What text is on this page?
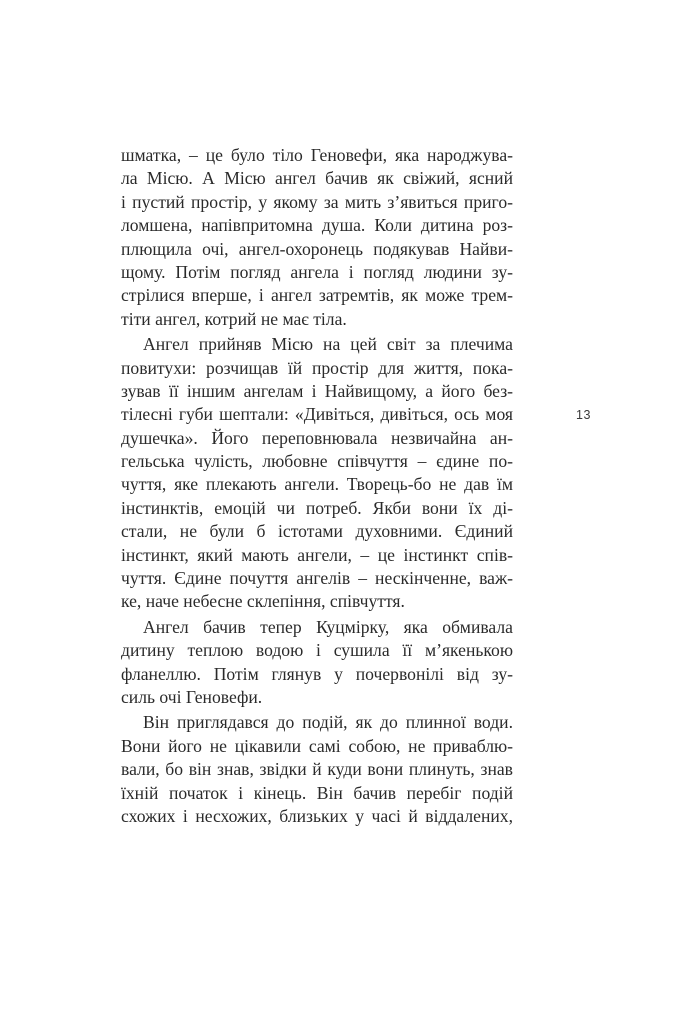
шматка, – це було тіло Геновефи, яка народжува-
ла Місю. А Місю ангел бачив як свіжий, ясний
і пустий простір, у якому за мить з’явиться приго-
ломшена, напівпритомна душа. Коли дитина роз-
плющила очі, ангел-охоронець подякував Найви-
щому. Потім погляд ангела і погляд людини зу-
стрілися вперше, і ангел затремтів, як може трем-
тіти ангел, котрий не має тіла.
Ангел прийняв Місю на цей світ за плечима
повитухи: розчищав їй простір для життя, пока-
зував її іншим ангелам і Найвищому, а його без-
тілесні губи шептали: «Дивіться, дивіться, ось моя
душечка». Його переповнювала незвичайна ан-
гельська чулість, любовне співчуття – єдине по-
чуття, яке плекають ангели. Творець-бо не дав їм
інстинктів, емоцій чи потреб. Якби вони їх ді-
стали, не були б істотами духовними. Єдиний
інстинкт, який мають ангели, – це інстинкт спів-
чуття. Єдине почуття ангелів – нескінченне, важ-
ке, наче небесне склепіння, співчуття.
Ангел бачив тепер Куцмірку, яка обмивала
дитину теплою водою і сушила її м’якенькою
фланеллю. Потім глянув у почервонілі від зу-
силь очі Геновефи.
Він приглядався до подій, як до плинної води.
Вони його не цікавили самі собою, не приваблю-
вали, бо він знав, звідки й куди вони плинуть, знав
їхній початок і кінець. Він бачив перебіг подій
схожих і несхожих, близьких у часі й віддалених,
13
